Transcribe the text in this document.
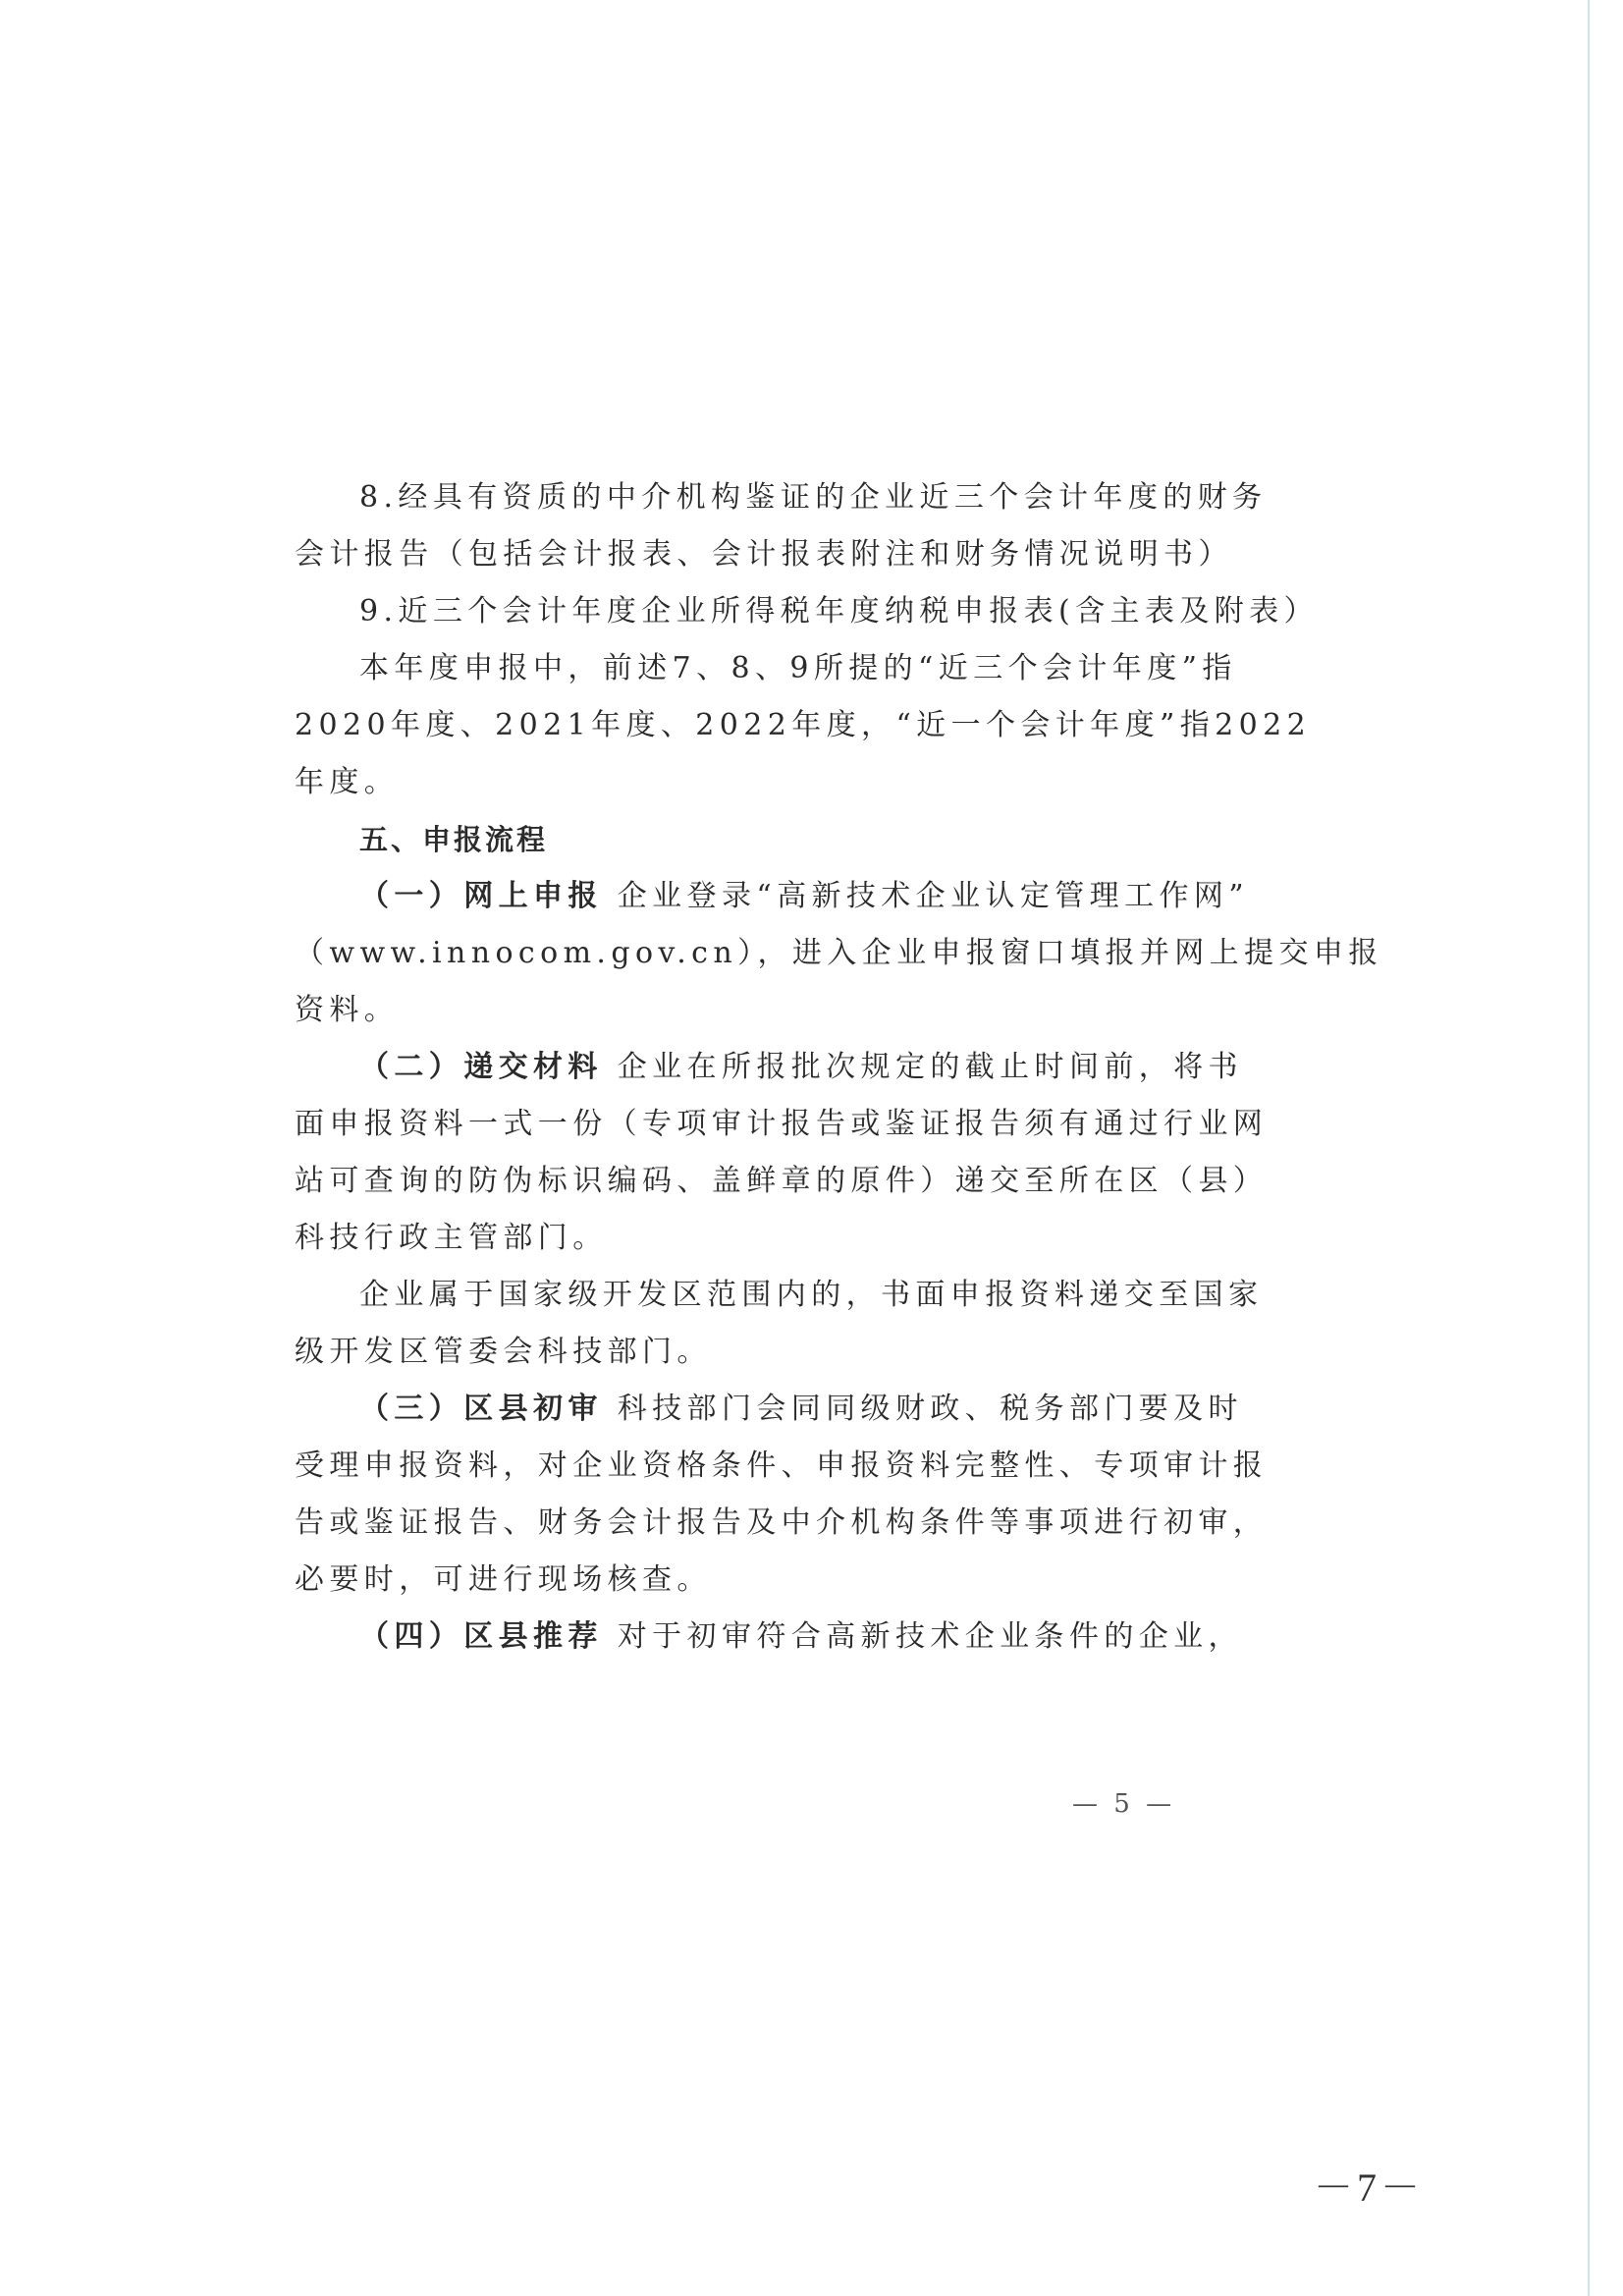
8.经具有资质的中介机构鉴证的企业近三个会计年度的财务
会计报告（包括会计报表、会计报表附注和财务情况说明书）
9.近三个会计年度企业所得税年度纳税申报表(含主表及附表）
本年度申报中，前述7、8、9所提的“近三个会计年度”指
2020年度、2021年度、2022年度，“近一个会计年度”指2022
年度。
五、申报流程
（一）网上申报 企业登录“高新技术企业认定管理工作网”
（www.innocom.gov.cn），进入企业申报窗口填报并网上提交申报
资料。
（二）递交材料 企业在所报批次规定的截止时间前，将书
面申报资料一式一份（专项审计报告或鉴证报告须有通过行业网
站可查询的防伪标识编码、盖鲜章的原件）递交至所在区（县）
科技行政主管部门。
企业属于国家级开发区范围内的，书面申报资料递交至国家
级开发区管委会科技部门。
（三）区县初审 科技部门会同同级财政、税务部门要及时
受理申报资料，对企业资格条件、申报资料完整性、专项审计报
告或鉴证报告、财务会计报告及中介机构条件等事项进行初审，
必要时，可进行现场核查。
（四）区县推荐 对于初审符合高新技术企业条件的企业，
— 5 —
－7－
